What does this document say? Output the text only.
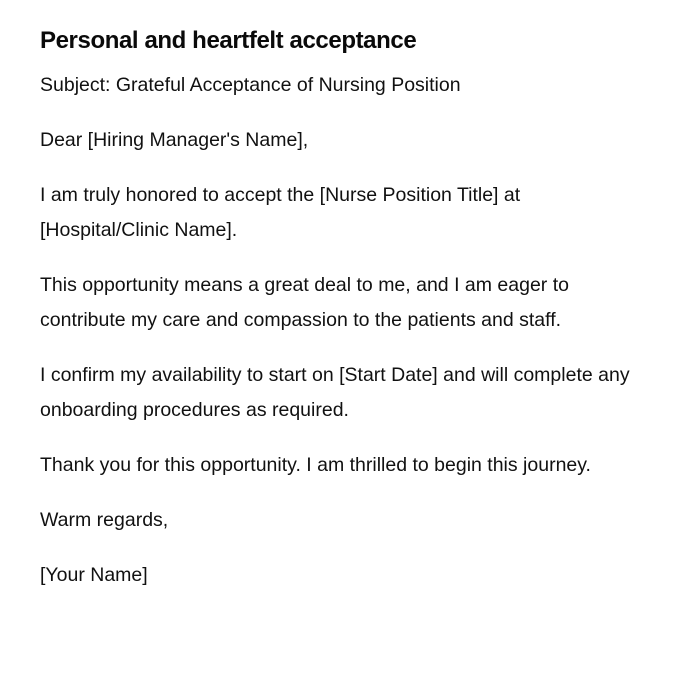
Personal and heartfelt acceptance

Subject: Grateful Acceptance of Nursing Position

Dear [Hiring Manager's Name],

I am truly honored to accept the [Nurse Position Title] at [Hospital/Clinic Name].

This opportunity means a great deal to me, and I am eager to contribute my care and compassion to the patients and staff.

I confirm my availability to start on [Start Date] and will complete any onboarding procedures as required.

Thank you for this opportunity. I am thrilled to begin this journey.

Warm regards,

[Your Name]
